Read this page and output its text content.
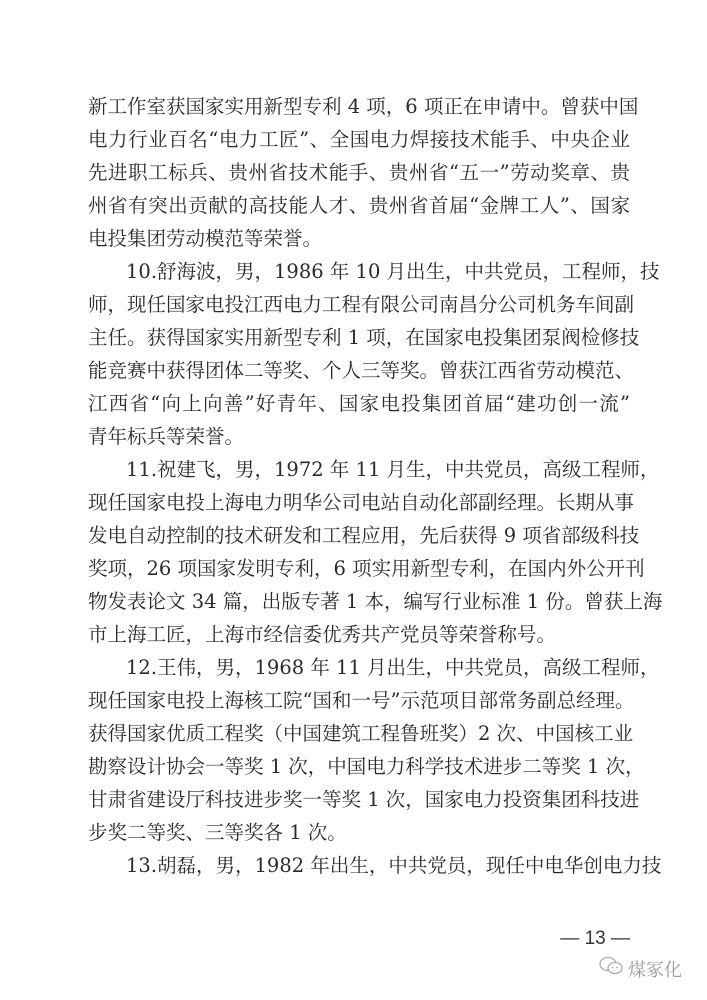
新工作室获国家实用新型专利 4 项，6 项正在申请中。曾获中国
电力行业百名“电力工匠”、全国电力焊接技术能手、中央企业
先进职工标兵、贵州省技术能手、贵州省“五一”劳动奖章、贵
州省有突出贡献的高技能人才、贵州省首届“金牌工人”、国家
电投集团劳动模范等荣誉。
10.舒海波，男，1986 年 10 月出生，中共党员，工程师，技
师，现任国家电投江西电力工程有限公司南昌分公司机务车间副
主任。获得国家实用新型专利 1 项，在国家电投集团泵阀检修技
能竞赛中获得团体二等奖、个人三等奖。曾获江西省劳动模范、
江西省“向上向善”好青年、国家电投集团首届“建功创一流”
青年标兵等荣誉。
11.祝建飞，男，1972 年 11 月生，中共党员，高级工程师，
现任国家电投上海电力明华公司电站自动化部副经理。长期从事
发电自动控制的技术研发和工程应用，先后获得 9 项省部级科技
奖项，26 项国家发明专利，6 项实用新型专利，在国内外公开刊
物发表论文 34 篇，出版专著 1 本，编写行业标准 1 份。曾获上海
市上海工匠，上海市经信委优秀共产党员等荣誉称号。
12.王伟，男，1968 年 11 月出生，中共党员，高级工程师，
现任国家电投上海核工院“国和一号”示范项目部常务副总经理。
获得国家优质工程奖（中国建筑工程鲁班奖）2 次、中国核工业
勘察设计协会一等奖 1 次，中国电力科学技术进步二等奖 1 次，
甘肃省建设厅科技进步奖一等奖 1 次，国家电力投资集团科技进
步奖二等奖、三等奖各 1 次。
13.胡磊，男，1982 年出生，中共党员，现任中电华创电力技
— 13 —
煤冢化
